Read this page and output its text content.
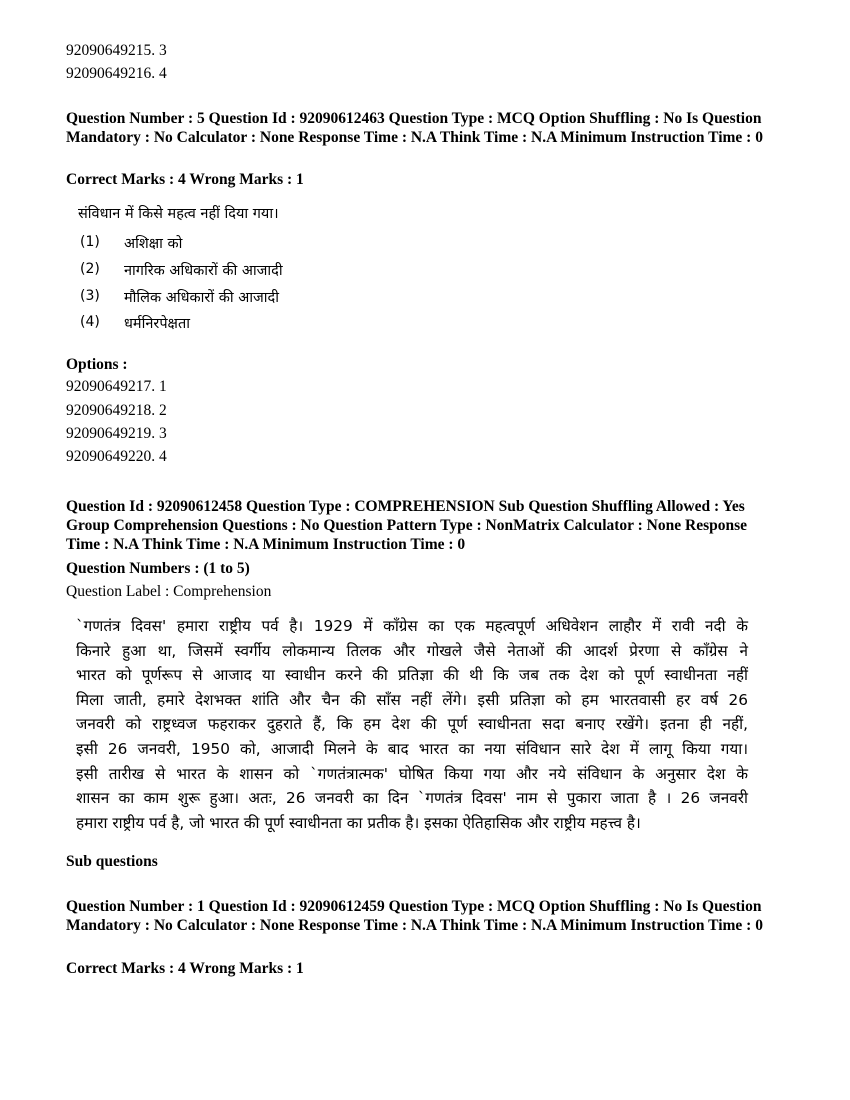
92090649215. 3
92090649216. 4
Question Number : 5 Question Id : 92090612463 Question Type : MCQ Option Shuffling : No Is Question Mandatory : No Calculator : None Response Time : N.A Think Time : N.A Minimum Instruction Time : 0
Correct Marks : 4 Wrong Marks : 1
संविधान में किसे महत्व नहीं दिया गया।
(1)	अशिक्षा को
(2)	नागरिक अधिकारों की आजादी
(3)	मौलिक अधिकारों की आजादी
(4)	धर्मनिरपेक्षता
Options :
92090649217. 1
92090649218. 2
92090649219. 3
92090649220. 4
Question Id : 92090612458 Question Type : COMPREHENSION Sub Question Shuffling Allowed : Yes Group Comprehension Questions : No Question Pattern Type : NonMatrix Calculator : None Response Time : N.A Think Time : N.A Minimum Instruction Time : 0
Question Numbers : (1 to 5)
Question Label : Comprehension
`गणतंत्र दिवस' हमारा राष्ट्रीय पर्व है। 1929 में काँग्रेस का एक महत्वपूर्ण अधिवेशन लाहौर में रावी नदी के
किनारे हुआ था, जिसमें स्वर्गीय लोकमान्य तिलक और गोखले जैसे नेताओं की आदर्श प्रेरणा से काँग्रेस ने
भारत को पूर्णरूप से आजाद या स्वाधीन करने की प्रतिज्ञा की थी कि जब तक देश को पूर्ण स्वाधीनता नहीं
मिला जाती, हमारे देशभक्त शांति और चैन की साँस नहीं लेंगे। इसी प्रतिज्ञा को हम भारतवासी हर वर्ष 26
जनवरी को राष्ट्रध्वज फहराकर दुहराते हैं, कि हम देश की पूर्ण स्वाधीनता सदा बनाए रखेंगे। इतना ही नहीं,
इसी 26 जनवरी, 1950 को, आजादी मिलने के बाद भारत का नया संविधान सारे देश में लागू किया गया।
इसी तारीख से भारत के शासन को `गणतंत्रात्मक' घोषित किया गया और नये संविधान के अनुसार देश के
शासन का काम शुरू हुआ। अतः, 26 जनवरी का दिन `गणतंत्र दिवस' नाम से पुकारा जाता है । 26 जनवरी
हमारा राष्ट्रीय पर्व है, जो भारत की पूर्ण स्वाधीनता का प्रतीक है। इसका ऐतिहासिक और राष्ट्रीय महत्त्व है।
Sub questions
Question Number : 1 Question Id : 92090612459 Question Type : MCQ Option Shuffling : No Is Question Mandatory : No Calculator : None Response Time : N.A Think Time : N.A Minimum Instruction Time : 0
Correct Marks : 4 Wrong Marks : 1
